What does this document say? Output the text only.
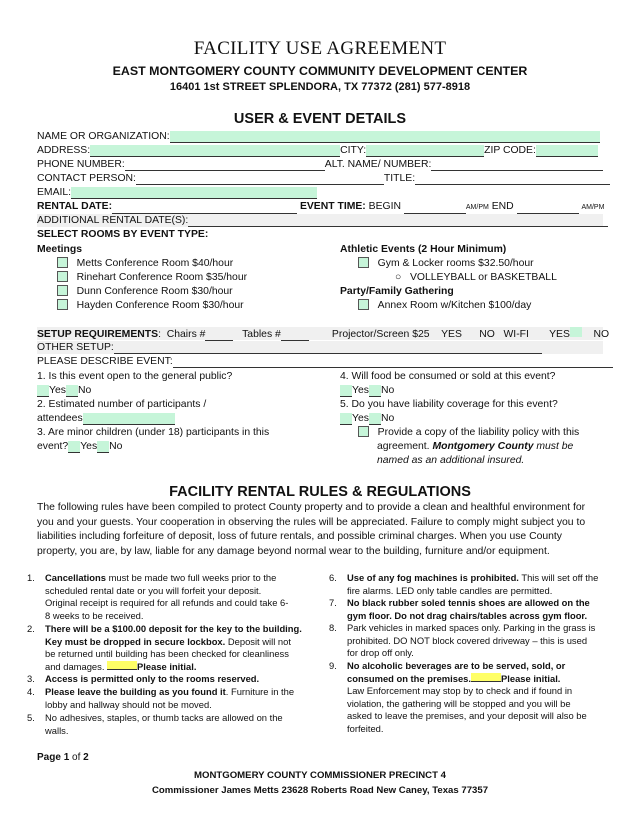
FACILITY USE AGREEMENT
EAST MONTGOMERY COUNTY COMMUNITY DEVELOPMENT CENTER
16401 1st STREET SPLENDORA, TX 77372 (281) 577-8918
USER & EVENT DETAILS
NAME OR ORGANIZATION:
ADDRESS:	CITY:	ZIP CODE:
PHONE NUMBER:	ALT. NAME/ NUMBER:
CONTACT PERSON:	TITLE:
EMAIL:
RENTAL DATE:	EVENT TIME: BEGIN	AM/PM END	AM/PM
ADDITIONAL RENTAL DATE(S):
SELECT ROOMS BY EVENT TYPE:
Meetings
Metts Conference Room $40/hour
Rinehart Conference Room $35/hour
Dunn Conference Room $30/hour
Hayden Conference Room $30/hour
Athletic Events (2 Hour Minimum)
Gym & Locker rooms $32.50/hour
○ VOLLEYBALL or BASKETBALL
Party/Family Gathering
Annex Room w/Kitchen $100/day
SETUP REQUIREMENTS:  Chairs #	Tables #	Projector/Screen $25 YES NO WI-FI YES NO
OTHER SETUP:
PLEASE DESCRIBE EVENT:
1. Is this event open to the general public?
Yes No
2. Estimated number of participants /
attendees
3. Are minor children (under 18) participants in this
event? Yes No
4. Will food be consumed or sold at this event?
Yes No
5. Do you have liability coverage for this event?
Yes No
Provide a copy of the liability policy with this
agreement. Montgomery County must be
named as an additional insured.
FACILITY RENTAL RULES & REGULATIONS
The following rules have been compiled to protect County property and to provide a clean and healthful environment for
you and your guests. Your cooperation in observing the rules will be appreciated. Failure to comply might subject you to
liabilities including forfeiture of deposit, loss of future rentals, and possible criminal charges. When you use County
property, you are, by law, liable for any damage beyond normal wear to the building, furniture and/or equipment.
1. Cancellations must be made two full weeks prior to the
scheduled rental date or you will forfeit your deposit.
Original receipt is required for all refunds and could take 6-
8 weeks to be received.
2. There will be a $100.00 deposit for the key to the building.
Key must be dropped in secure lockbox. Deposit will not
be returned until building has been checked for cleanliness
and damages.	Please initial.
3. Access is permitted only to the rooms reserved.
4. Please leave the building as you found it. Furniture in the
lobby and hallway should not be moved.
5. No adhesives, staples, or thumb tacks are allowed on the
walls.
6. Use of any fog machines is prohibited. This will set off the
fire alarms. LED only table candles are permitted.
7. No black rubber soled tennis shoes are allowed on the
gym floor. Do not drag chairs/tables across gym floor.
8. Park vehicles in marked spaces only. Parking in the grass is
prohibited. DO NOT block covered driveway – this is used
for drop off only.
9. No alcoholic beverages are to be served, sold, or
consumed on the premises.	Please initial.
Law Enforcement may stop by to check and if found in
violation, the gathering will be stopped and you will be
asked to leave the premises, and your deposit will also be
forfeited.
Page 1 of 2
MONTGOMERY COUNTY COMMISSIONER PRECINCT 4
Commissioner James Metts 23628 Roberts Road New Caney, Texas 77357
